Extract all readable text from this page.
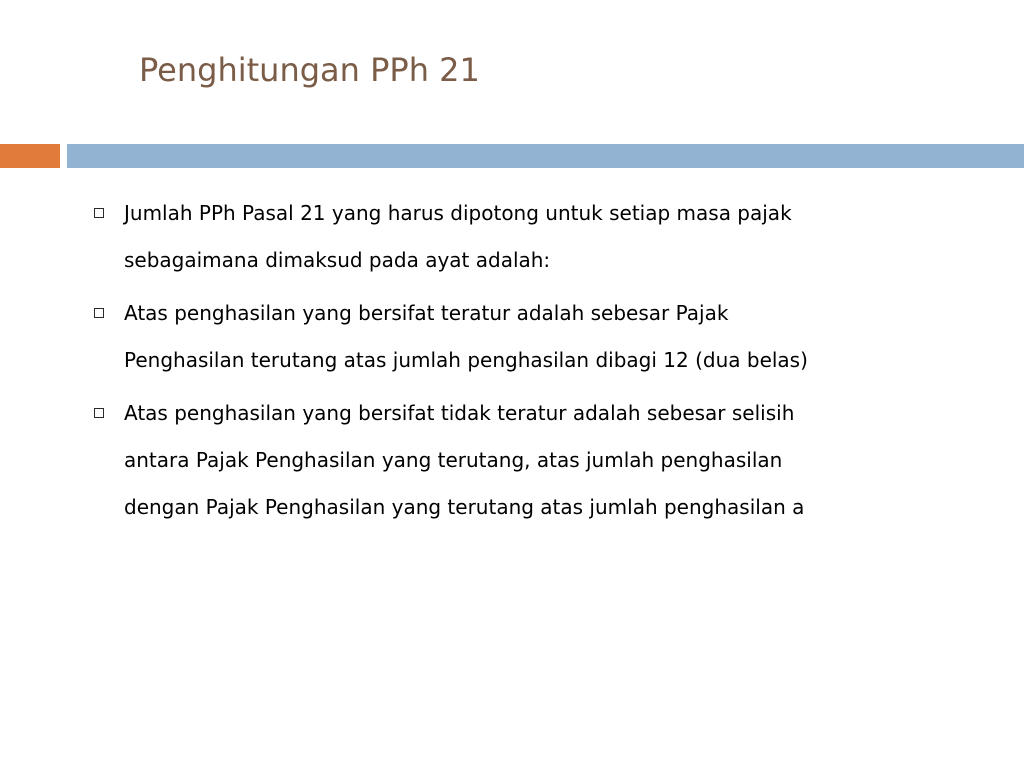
Penghitungan PPh 21
Jumlah PPh Pasal 21 yang harus dipotong untuk setiap masa pajak
sebagaimana dimaksud pada ayat adalah:
Atas penghasilan yang bersifat teratur adalah sebesar Pajak
Penghasilan terutang atas jumlah penghasilan dibagi 12 (dua belas)
Atas penghasilan yang bersifat tidak teratur adalah sebesar selisih
antara Pajak Penghasilan yang terutang, atas jumlah penghasilan
dengan Pajak Penghasilan yang terutang atas jumlah penghasilan a
